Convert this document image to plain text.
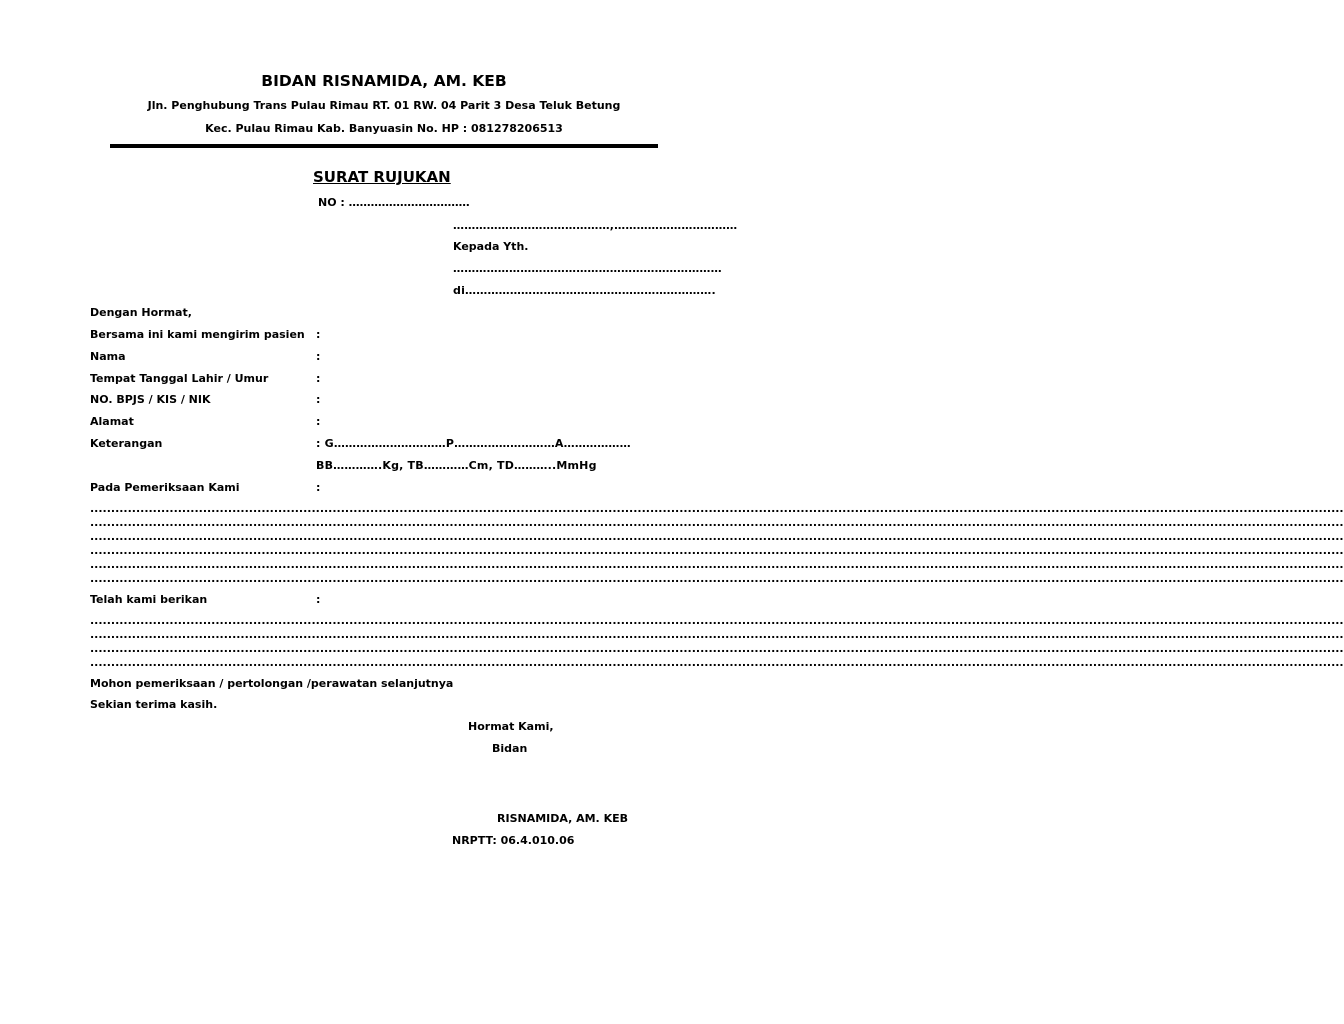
BIDAN RISNAMIDA, AM. KEB
Jln. Penghubung Trans Pulau Rimau RT. 01 RW. 04 Parit 3 Desa Teluk Betung
Kec. Pulau Rimau Kab. Banyuasin No. HP : 081278206513
SURAT RUJUKAN
NO : ……………………………
……………………………………,……………………………
Kepada Yth.
………………………………………………………………
di………………………………………………………….
Dengan Hormat,
Bersama ini kami mengirim pasien :
Nama	:
Tempat Tanggal Lahir / Umur	:
NO. BPJS / KIS / NIK	:
Alamat	:
Keterangan	: G…………………………P………………………A………………
BB………….Kg, TB…………Cm, TD………..MmHg
Pada Pemeriksaan Kami	:
............................................................................................................................................................................................................................................................................................................
............................................................................................................................................................................................................................................................................................................
............................................................................................................................................................................................................................................................................................................
............................................................................................................................................................................................................................................................................................................
............................................................................................................................................................................................................................................................................................................
............................................................................................................................................................................................................................................................................................................
Telah kami berikan	:
............................................................................................................................................................................................................................................................................................................
............................................................................................................................................................................................................................................................................................................
............................................................................................................................................................................................................................................................................................................
............................................................................................................................................................................................................................................................................................................
Mohon pemeriksaan / pertolongan /perawatan selanjutnya
Sekian terima kasih.
Hormat Kami,
Bidan
RISNAMIDA, AM. KEB
NRPTT: 06.4.010.06
